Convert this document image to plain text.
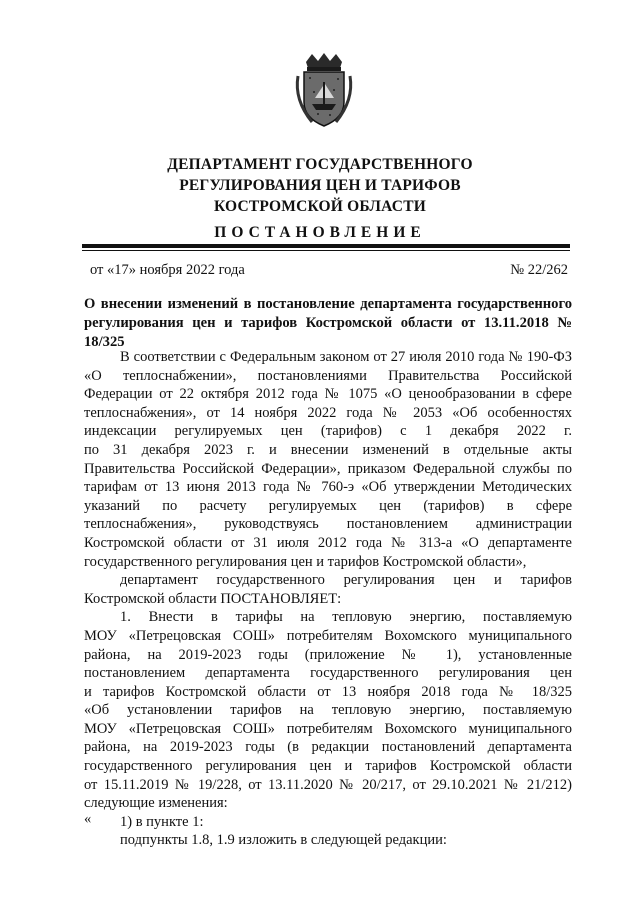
ДЕПАРТАМЕНТ ГОСУДАРСТВЕННОГО
РЕГУЛИРОВАНИЯ ЦЕН И ТАРИФОВ
КОСТРОМСКОЙ ОБЛАСТИ
ПОСТАНОВЛЕНИЕ
от «17» ноября 2022 года	№ 22/262
О внесении изменений в постановление департамента государственного
регулирования цен и тарифов Костромской области от 13.11.2018 № 18/325

В соответствии с Федеральным законом от 27 июля 2010 года № 190-ФЗ

«О теплоснабжении», постановлениями Правительства Российской

Федерации от 22 октября 2012 года № 1075 «О ценообразовании в сфере

теплоснабжения», от 14 ноября 2022 года № 2053 «Об особенностях

индексации регулируемых цен (тарифов) с 1 декабря 2022 г.

по 31 декабря 2023 г. и внесении изменений в отдельные акты

Правительства Российской Федерации», приказом Федеральной службы по

тарифам от 13 июня 2013 года № 760-э «Об утверждении Методических

указаний по расчету регулируемых цен (тарифов) в сфере

теплоснабжения», руководствуясь постановлением администрации

Костромской области от 31 июля 2012 года № 313-а «О департаменте

государственного регулирования цен и тарифов Костромской области»,

департамент государственного регулирования цен и тарифов

Костромской области ПОСТАНОВЛЯЕТ:

1. Внести в тарифы на тепловую энергию, поставляемую

МОУ «Петрецовская СОШ» потребителям Вохомского муниципального

района, на 2019-2023 годы (приложение № 1), установленные

постановлением департамента государственного регулирования цен

и тарифов Костромской области от 13 ноября 2018 года № 18/325

«Об установлении тарифов на тепловую энергию, поставляемую

МОУ «Петрецовская СОШ» потребителям Вохомского муниципального

района, на 2019-2023 годы (в редакции постановлений департамента

государственного регулирования цен и тарифов Костромской области

от 15.11.2019 № 19/228, от 13.11.2020 № 20/217, от 29.10.2021 № 21/212)

следующие изменения:

1) в пункте 1:

подпункты 1.8, 1.9 изложить в следующей редакции:

«
